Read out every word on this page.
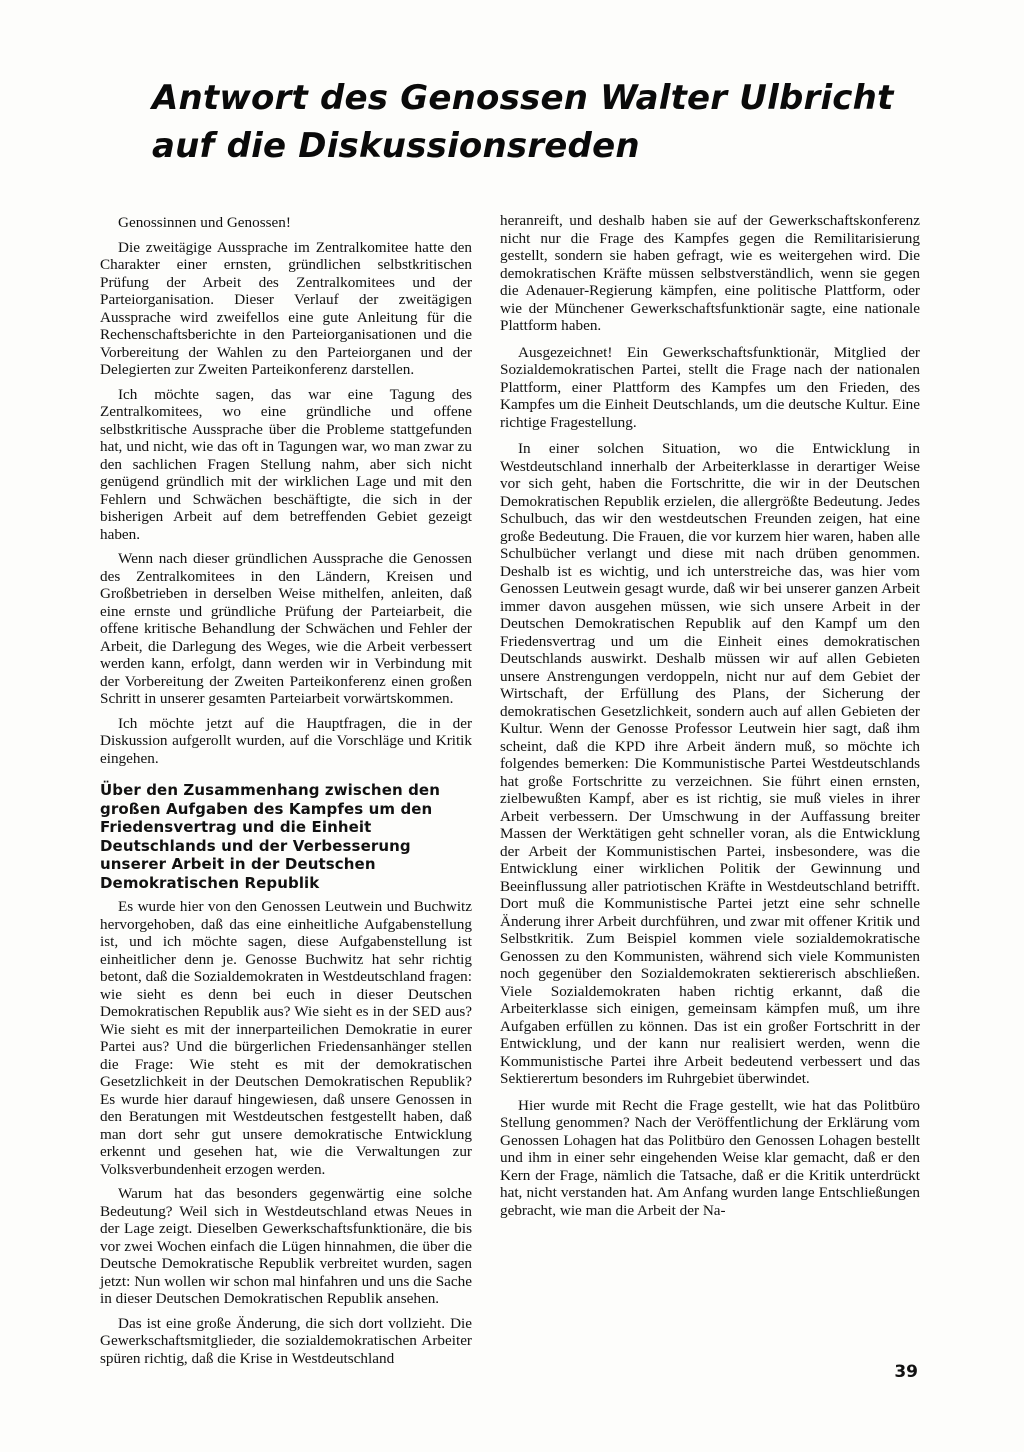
Antwort des Genossen Walter Ulbricht
auf die Diskussionsreden

Genossinnen und Genossen!

Die zweitägige Aussprache im Zentralkomitee hatte den Charakter einer ernsten, gründlichen selbstkritischen Prüfung der Arbeit des Zentralkomitees und der Parteiorganisation. Dieser Verlauf der zweitägigen Aussprache wird zweifellos eine gute Anleitung für die Rechenschaftsberichte in den Parteiorganisationen und die Vorbereitung der Wahlen zu den Parteiorganen und der Delegierten zur Zweiten Parteikonferenz darstellen.

Ich möchte sagen, das war eine Tagung des Zentralkomitees, wo eine gründliche und offene selbstkritische Aussprache über die Probleme stattgefunden hat, und nicht, wie das oft in Tagungen war, wo man zwar zu den sachlichen Fragen Stellung nahm, aber sich nicht genügend gründlich mit der wirklichen Lage und mit den Fehlern und Schwächen beschäftigte, die sich in der bisherigen Arbeit auf dem betreffenden Gebiet gezeigt haben.

Wenn nach dieser gründlichen Aussprache die Genossen des Zentralkomitees in den Ländern, Kreisen und Großbetrieben in derselben Weise mithelfen, anleiten, daß eine ernste und gründliche Prüfung der Parteiarbeit, die offene kritische Behandlung der Schwächen und Fehler der Arbeit, die Darlegung des Weges, wie die Arbeit verbessert werden kann, erfolgt, dann werden wir in Verbindung mit der Vorbereitung der Zweiten Parteikonferenz einen großen Schritt in unserer gesamten Parteiarbeit vorwärtskommen.

Ich möchte jetzt auf die Hauptfragen, die in der Diskussion aufgerollt wurden, auf die Vorschläge und Kritik eingehen.

Über den Zusammenhang zwischen den großen Aufgaben des Kampfes um den Friedensvertrag und die Einheit Deutschlands und der Verbesserung unserer Arbeit in der Deutschen Demokratischen Republik

Es wurde hier von den Genossen Leutwein und Buchwitz hervorgehoben, daß das eine einheitliche Aufgabenstellung ist, und ich möchte sagen, diese Aufgabenstellung ist einheitlicher denn je. Genosse Buchwitz hat sehr richtig betont, daß die Sozialdemokraten in Westdeutschland fragen: wie sieht es denn bei euch in dieser Deutschen Demokratischen Republik aus? Wie sieht es in der SED aus? Wie sieht es mit der innerparteilichen Demokratie in eurer Partei aus? Und die bürgerlichen Friedensanhänger stellen die Frage: Wie steht es mit der demokratischen Gesetzlichkeit in der Deutschen Demokratischen Republik? Es wurde hier darauf hingewiesen, daß unsere Genossen in den Beratungen mit Westdeutschen festgestellt haben, daß man dort sehr gut unsere demokratische Entwicklung erkennt und gesehen hat, wie die Verwaltungen zur Volksverbundenheit erzogen werden.

Warum hat das besonders gegenwärtig eine solche Bedeutung? Weil sich in Westdeutschland etwas Neues in der Lage zeigt. Dieselben Gewerkschaftsfunktionäre, die bis vor zwei Wochen einfach die Lügen hinnahmen, die über die Deutsche Demokratische Republik verbreitet wurden, sagen jetzt: Nun wollen wir schon mal hinfahren und uns die Sache in dieser Deutschen Demokratischen Republik ansehen.

Das ist eine große Änderung, die sich dort vollzieht. Die Gewerkschaftsmitglieder, die sozialdemokratischen Arbeiter spüren richtig, daß die Krise in Westdeutschland

heranreift, und deshalb haben sie auf der Gewerkschaftskonferenz nicht nur die Frage des Kampfes gegen die Remilitarisierung gestellt, sondern sie haben gefragt, wie es weitergehen wird. Die demokratischen Kräfte müssen selbstverständlich, wenn sie gegen die Adenauer-Regierung kämpfen, eine politische Plattform, oder wie der Münchener Gewerkschaftsfunktionär sagte, eine nationale Plattform haben.

Ausgezeichnet! Ein Gewerkschaftsfunktionär, Mitglied der Sozialdemokratischen Partei, stellt die Frage nach der nationalen Plattform, einer Plattform des Kampfes um den Frieden, des Kampfes um die Einheit Deutschlands, um die deutsche Kultur. Eine richtige Fragestellung.

In einer solchen Situation, wo die Entwicklung in Westdeutschland innerhalb der Arbeiterklasse in derartiger Weise vor sich geht, haben die Fortschritte, die wir in der Deutschen Demokratischen Republik erzielen, die allergrößte Bedeutung. Jedes Schulbuch, das wir den westdeutschen Freunden zeigen, hat eine große Bedeutung. Die Frauen, die vor kurzem hier waren, haben alle Schulbücher verlangt und diese mit nach drüben genommen. Deshalb ist es wichtig, und ich unterstreiche das, was hier vom Genossen Leutwein gesagt wurde, daß wir bei unserer ganzen Arbeit immer davon ausgehen müssen, wie sich unsere Arbeit in der Deutschen Demokratischen Republik auf den Kampf um den Friedensvertrag und um die Einheit eines demokratischen Deutschlands auswirkt. Deshalb müssen wir auf allen Gebieten unsere Anstrengungen verdoppeln, nicht nur auf dem Gebiet der Wirtschaft, der Erfüllung des Plans, der Sicherung der demokratischen Gesetzlichkeit, sondern auch auf allen Gebieten der Kultur. Wenn der Genosse Professor Leutwein hier sagt, daß ihm scheint, daß die KPD ihre Arbeit ändern muß, so möchte ich folgendes bemerken: Die Kommunistische Partei Westdeutschlands hat große Fortschritte zu verzeichnen. Sie führt einen ernsten, zielbewußten Kampf, aber es ist richtig, sie muß vieles in ihrer Arbeit verbessern. Der Umschwung in der Auffassung breiter Massen der Werktätigen geht schneller voran, als die Entwicklung der Arbeit der Kommunistischen Partei, insbesondere, was die Entwicklung einer wirklichen Politik der Gewinnung und Beeinflussung aller patriotischen Kräfte in Westdeutschland betrifft. Dort muß die Kommunistische Partei jetzt eine sehr schnelle Änderung ihrer Arbeit durchführen, und zwar mit offener Kritik und Selbstkritik. Zum Beispiel kommen viele sozialdemokratische Genossen zu den Kommunisten, während sich viele Kommunisten noch gegenüber den Sozialdemokraten sektiererisch abschließen. Viele Sozialdemokraten haben richtig erkannt, daß die Arbeiterklasse sich einigen, gemeinsam kämpfen muß, um ihre Aufgaben erfüllen zu können. Das ist ein großer Fortschritt in der Entwicklung, und der kann nur realisiert werden, wenn die Kommunistische Partei ihre Arbeit bedeutend verbessert und das Sektierertum besonders im Ruhrgebiet überwindet.

Hier wurde mit Recht die Frage gestellt, wie hat das Politbüro Stellung genommen? Nach der Veröffentlichung der Erklärung vom Genossen Lohagen hat das Politbüro den Genossen Lohagen bestellt und ihm in einer sehr eingehenden Weise klar gemacht, daß er den Kern der Frage, nämlich die Tatsache, daß er die Kritik unterdrückt hat, nicht verstanden hat. Am Anfang wurden lange Entschließungen gebracht, wie man die Arbeit der Na-

39
